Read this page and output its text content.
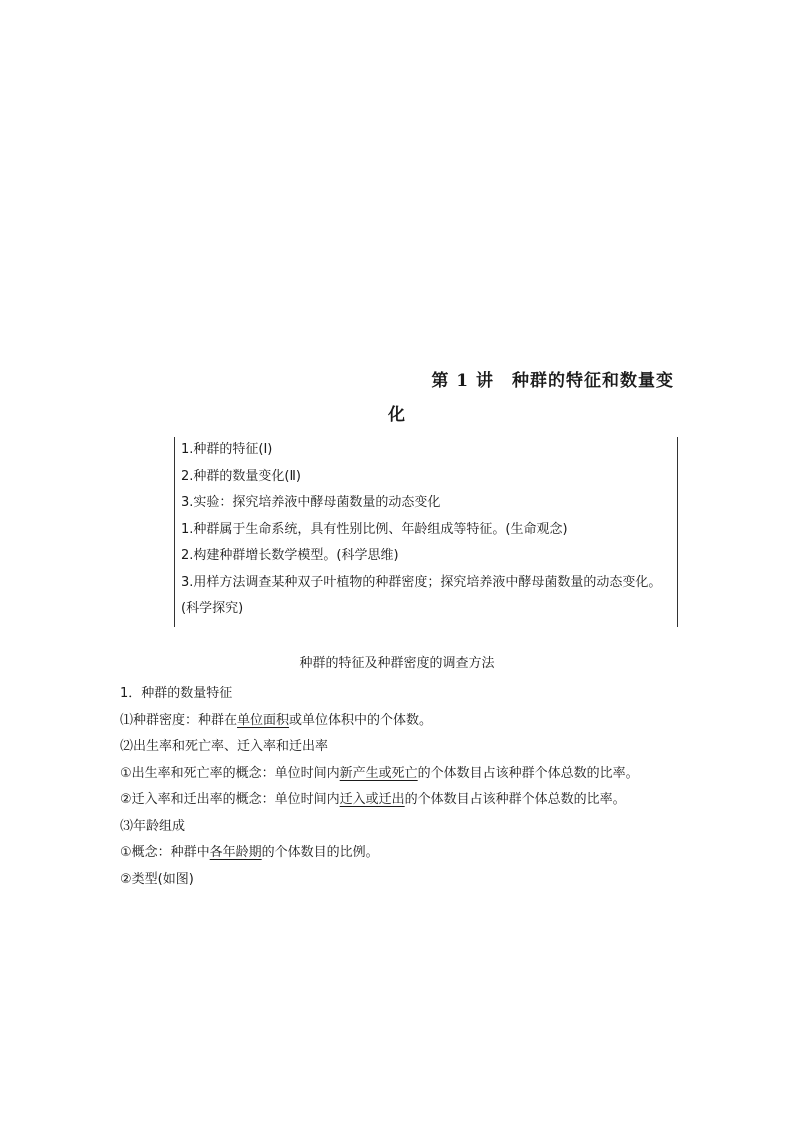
第 1 讲　种群的特征和数量变
化
1.种群的特征(Ⅰ)
2.种群的数量变化(Ⅱ)
3.实验：探究培养液中酵母菌数量的动态变化
1.种群属于生命系统，具有性别比例、年龄组成等特征。(生命观念)
2.构建种群增长数学模型。(科学思维)
3.用样方法调查某种双子叶植物的种群密度；探究培养液中酵母菌数量的动态变化。(科学探究)
种群的特征及种群密度的调查方法
1．种群的数量特征
⑴种群密度：种群在单位面积或单位体积中的个体数。
⑵出生率和死亡率、迁入率和迁出率
①出生率和死亡率的概念：单位时间内新产生或死亡的个体数目占该种群个体总数的比率。
②迁入率和迁出率的概念：单位时间内迁入或迁出的个体数目占该种群个体总数的比率。
⑶年龄组成
①概念：种群中各年龄期的个体数目的比例。
②类型(如图)
